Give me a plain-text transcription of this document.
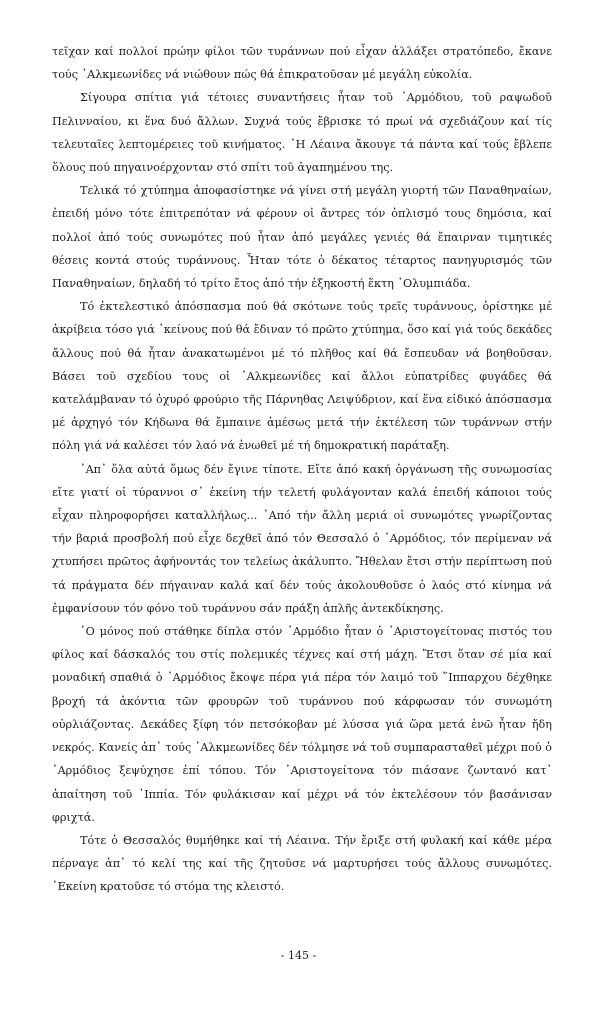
τεῖχαν καί πολλοί πρώην φίλοι τῶν τυράννων πού εἶχαν ἀλλάξει στρατόπεδο, ἔκανε τούς ᾿Αλκμεωνίδες νά νιώθουν πώς θά ἐπικρατοῦσαν μέ μεγάλη εὐκολία.

Σίγουρα σπίτια γιά τέτοιες συναντήσεις ἦταν τοῦ ᾿Αρμόδιου, τοῦ ραψωδοῦ Πελινναίου, κι ἕνα δυό ἄλλων. Συχνά τούς ἔβρισκε τό πρωί νά σχεδιάζουν καί τίς τελευταῖες λεπτομέρειες τοῦ κινήματος. ῾Η Λέαινα ἄκουγε τά πάντα καί τούς ἔβλεπε ὅλους πού πηγαινοέρχονταν στό σπίτι τοῦ ἀγαπημένου της.

Τελικά τό χτύπημα ἀποφασίστηκε νά γίνει στή μεγάλη γιορτή τῶν Παναθηναίων, ἐπειδή μόνο τότε ἐπιτρεπόταν νά φέρουν οἱ ἄντρες τόν ὁπλισμό τους δημόσια, καί πολλοί ἀπό τούς συνωμότες πού ἦταν ἀπό μεγάλες γενιές θά ἔπαιρναν τιμητικές θέσεις κοντά στούς τυράννους. Ἦταν τότε ὁ δέκατος τέταρτος πανηγυρισμός τῶν Παναθηναίων, δηλαδή τό τρίτο ἔτος ἀπό τήν ἑξηκοστή ἕκτη ᾿Ολυμπιάδα.

Τό ἐκτελεστικό ἀπόσπασμα πού θά σκότωνε τούς τρεῖς τυράννους, ὁρίστηκε μέ ἀκρίβεια τόσο γιά ᾿κείνους πού θά ἔδιναν τό πρῶτο χτύπημα, ὅσο καί γιά τούς δεκάδες ἄλλους πού θά ἦταν ἀνακατωμένοι μέ τό πλῆθος καί θά ἔσπευδαν νά βοηθοῦσαν. Βάσει τοῦ σχεδίου τους οἱ ᾿Αλκμεωνίδες καί ἄλλοι εὐπατρίδες φυγάδες θά κατελάμβαναν τό ὀχυρό φρούριο τῆς Πάρνηθας Λειψύδριον, καί ἕνα εἰδικό ἀπόσπασμα μέ ἀρχηγό τόν Κήδωνα θά ἔμπαινε ἀμέσως μετά τήν ἐκτέλεση τῶν τυράννων στήν πόλη γιά νά καλέσει τόν λαό νά ἑνωθεῖ μέ τή δημοκρατική παράταξη.

᾿Απ᾿ ὅλα αὐτά ὅμως δέν ἔγινε τίποτε. Εἴτε ἀπό κακή ὀργάνωση τῆς συνωμοσίας εἴτε γιατί οἱ τύραννοι σ᾿ ἐκείνη τήν τελετή φυλάγονταν καλά ἐπειδή κάποιοι τούς εἶχαν πληροφορήσει καταλλήλως... ᾿Από τήν ἄλλη μεριά οἱ συνωμότες γνωρίζοντας τήν βαριά προσβολή πού εἶχε δεχθεῖ ἀπό τόν Θεσσαλό ὁ ᾿Αρμόδιος, τόν περίμεναν νά χτυπήσει πρῶτος ἀφήνοντάς τον τελείως ἀκάλυπτο. Ἤθελαν ἔτσι στήν περίπτωση πού τά πράγματα δέν πήγαιναν καλά καί δέν τούς ἀκολουθοῦσε ὁ λαός στό κίνημα νά ἐμφανίσουν τόν φόνο τοῦ τυράννου σάν πράξη ἁπλῆς ἀντεκδίκησης.

῾Ο μόνος πού στάθηκε δίπλα στόν ᾿Αρμόδιο ἦταν ὁ ᾿Αριστογείτονας πιστός του φίλος καί δάσκαλός του στίς πολεμικές τέχνες καί στή μάχη. Ἔτσι ὅταν σέ μία καί μοναδική σπαθιά ὁ ᾿Αρμόδιος ἔκοψε πέρα γιά πέρα τόν λαιμό τοῦ ῞Ιππαρχου δέχθηκε βροχή τά ἀκόντια τῶν φρουρῶν τοῦ τυράννου πού κάρφωσαν τόν συνωμότη οὐρλιάζοντας. Δεκάδες ξίφη τόν πετσόκοβαν μέ λύσσα γιά ὥρα μετά ἐνῶ ἦταν ἤδη νεκρός. Κανείς ἀπ᾿ τούς ᾿Αλκμεωνίδες δέν τόλμησε νά τοῦ συμπαρασταθεῖ μέχρι πού ὁ ᾿Αρμόδιος ξεψύχησε ἐπί τόπου. Τόν ᾿Αριστογείτονα τόν πιάσανε ζωντανό κατ᾿ ἀπαίτηση τοῦ ῾Ιππία. Τόν φυλάκισαν καί μέχρι νά τόν ἐκτελέσουν τόν βασάνισαν φριχτά.

Τότε ὁ Θεσσαλός θυμήθηκε καί τή Λέαινα. Τήν ἔριξε στή φυλακή καί κάθε μέρα πέρναγε ἀπ᾿ τό κελί της καί τῆς ζητοῦσε νά μαρτυρήσει τούς ἄλλους συνωμότες. ᾿Εκείνη κρατοῦσε τό στόμα της κλειστό.

- 145 -
